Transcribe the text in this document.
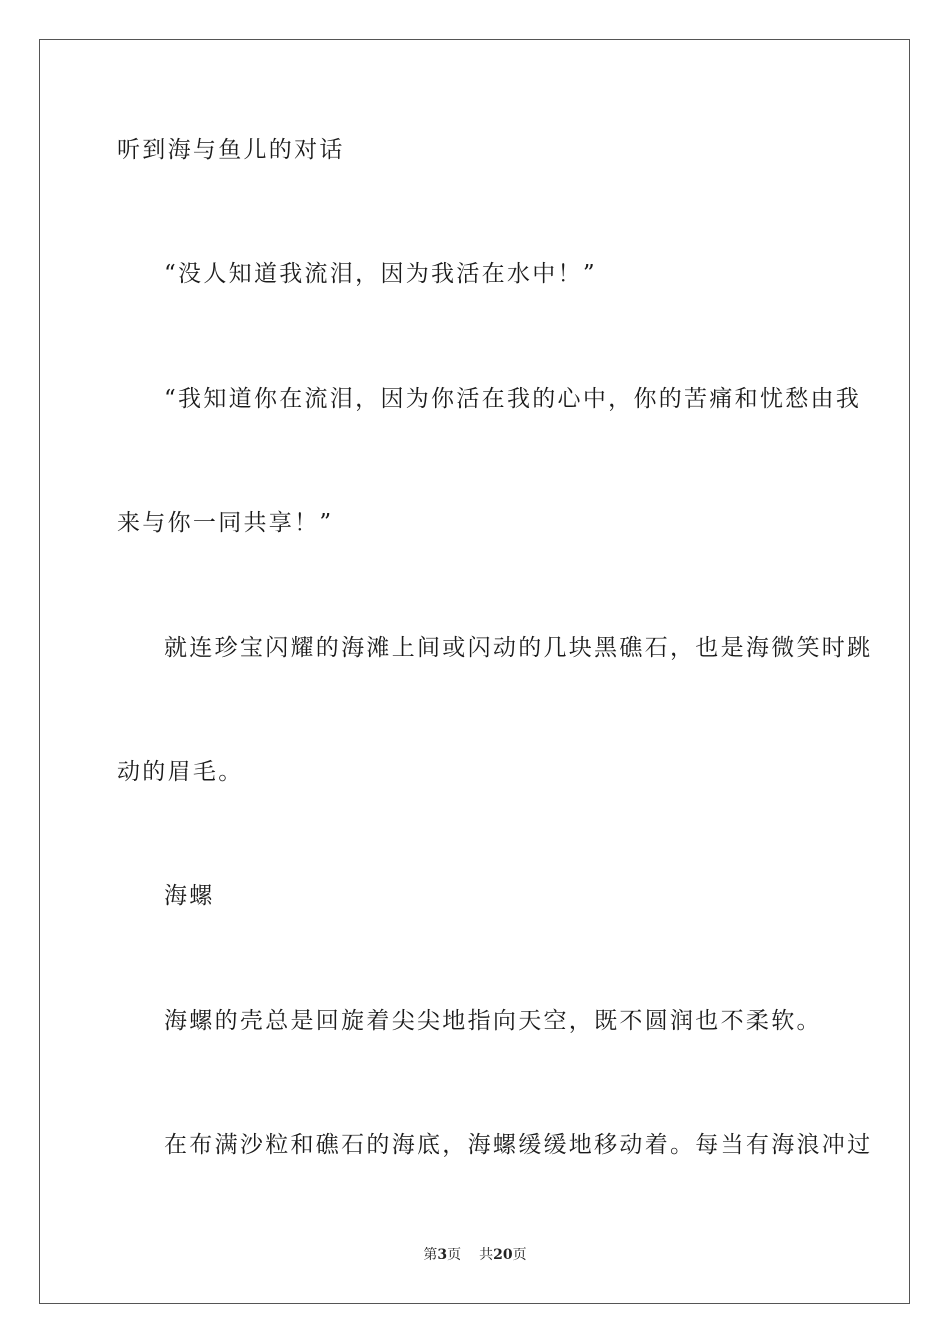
听到海与鱼儿的对话
“没人知道我流泪，因为我活在水中！”
“我知道你在流泪，因为你活在我的心中，你的苦痛和忧愁由我
来与你一同共享！”
就连珍宝闪耀的海滩上间或闪动的几块黑礁石，也是海微笑时跳
动的眉毛。
海螺
海螺的壳总是回旋着尖尖地指向天空，既不圆润也不柔软。
在布满沙粒和礁石的海底，海螺缓缓地移动着。每当有海浪冲过
第3页 共20页
